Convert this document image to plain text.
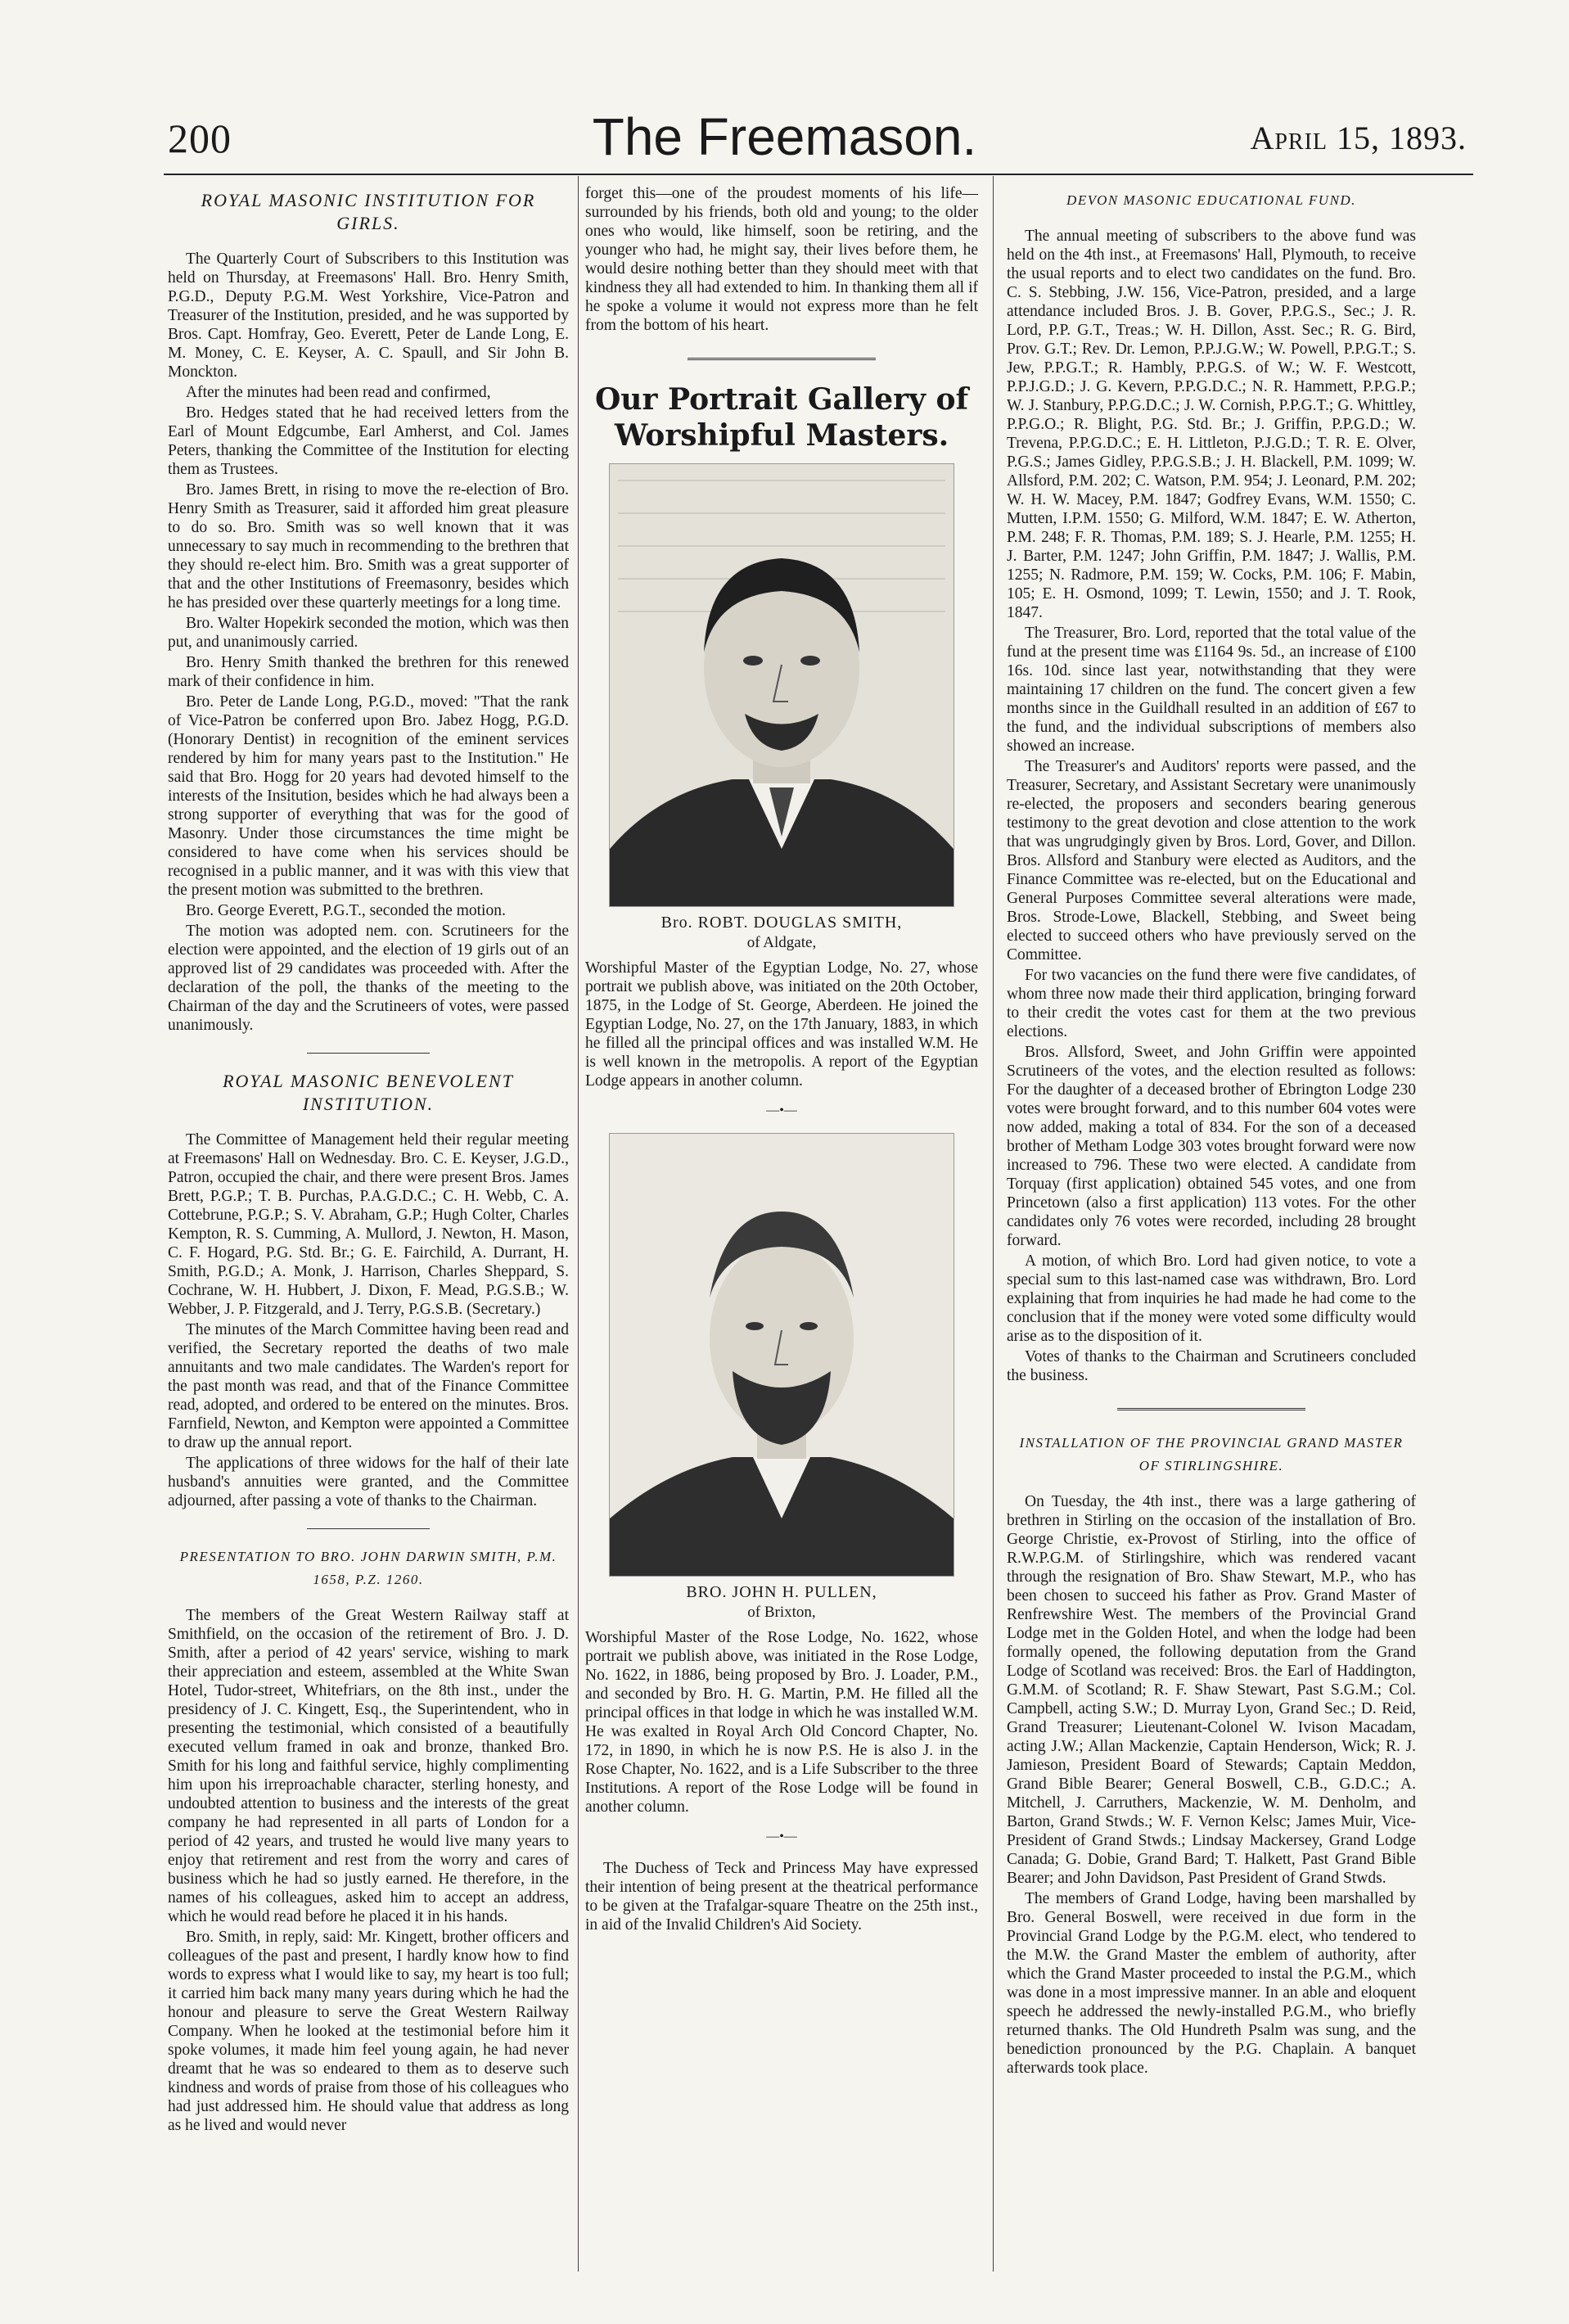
200	The Freemason.	April 15, 1893.
ROYAL MASONIC INSTITUTION FOR GIRLS.

The Quarterly Court of Subscribers to this Institution was held on Thursday, at Freemasons' Hall. Bro. Henry Smith, P.G.D., Deputy P.G.M. West Yorkshire, Vice-Patron and Treasurer of the Institution, presided, and he was supported by Bros. Capt. Homfray, Geo. Everett, Peter de Lande Long, E. M. Money, C. E. Keyser, A. C. Spaull, and Sir John B. Monckton.

After the minutes had been read and confirmed,

Bro. Hedges stated that he had received letters from the Earl of Mount Edgcumbe, Earl Amherst, and Col. James Peters, thanking the Committee of the Institution for electing them as Trustees.

Bro. James Brett, in rising to move the re-election of Bro. Henry Smith as Treasurer, said it afforded him great pleasure to do so. Bro. Smith was so well known that it was unnecessary to say much in recommending to the brethren that they should re-elect him. Bro. Smith was a great supporter of that and the other Institutions of Freemasonry, besides which he has presided over these quarterly meetings for a long time.

Bro. Walter Hopekirk seconded the motion, which was then put, and unanimously carried.

Bro. Henry Smith thanked the brethren for this renewed mark of their confidence in him.

Bro. Peter de Lande Long, P.G.D., moved: "That the rank of Vice-Patron be conferred upon Bro. Jabez Hogg, P.G.D. (Honorary Dentist) in recognition of the eminent services rendered by him for many years past to the Institution." He said that Bro. Hogg for 20 years had devoted himself to the interests of the Insitution, besides which he had always been a strong supporter of everything that was for the good of Masonry. Under those circumstances the time might be considered to have come when his services should be recognised in a public manner, and it was with this view that the present motion was submitted to the brethren.

Bro. George Everett, P.G.T., seconded the motion.

The motion was adopted nem. con. Scrutineers for the election were appointed, and the election of 19 girls out of an approved list of 29 candidates was proceeded with. After the declaration of the poll, the thanks of the meeting to the Chairman of the day and the Scrutineers of votes, were passed unanimously.

ROYAL MASONIC BENEVOLENT INSTITUTION.

The Committee of Management held their regular meeting at Freemasons' Hall on Wednesday. Bro. C. E. Keyser, J.G.D., Patron, occupied the chair, and there were present Bros. James Brett, P.G.P.; T. B. Purchas, P.A.G.D.C.; C. H. Webb, C. A. Cottebrune, P.G.P.; S. V. Abraham, G.P.; Hugh Colter, Charles Kempton, R. S. Cumming, A. Mullord, J. Newton, H. Mason, C. F. Hogard, P.G. Std. Br.; G. E. Fairchild, A. Durrant, H. Smith, P.G.D.; A. Monk, J. Harrison, Charles Sheppard, S. Cochrane, W. H. Hubbert, J. Dixon, F. Mead, P.G.S.B.; W. Webber, J. P. Fitzgerald, and J. Terry, P.G.S.B. (Secretary.)

The minutes of the March Committee having been read and verified, the Secretary reported the deaths of two male annuitants and two male candidates. The Warden's report for the past month was read, and that of the Finance Committee read, adopted, and ordered to be entered on the minutes. Bros. Farnfield, Newton, and Kempton were appointed a Committee to draw up the annual report.

The applications of three widows for the half of their late husband's annuities were granted, and the Committee adjourned, after passing a vote of thanks to the Chairman.

PRESENTATION TO BRO. JOHN DARWIN SMITH, P.M. 1658, P.Z. 1260.

The members of the Great Western Railway staff at Smithfield, on the occasion of the retirement of Bro. J. D. Smith, after a period of 42 years' service, wishing to mark their appreciation and esteem, assembled at the White Swan Hotel, Tudor-street, Whitefriars, on the 8th inst., under the presidency of J. C. Kingett, Esq., the Superintendent, who in presenting the testimonial, which consisted of a beautifully executed vellum framed in oak and bronze, thanked Bro. Smith for his long and faithful service, highly complimenting him upon his irreproachable character, sterling honesty, and undoubted attention to business and the interests of the great company he had represented in all parts of London for a period of 42 years, and trusted he would live many years to enjoy that retirement and rest from the worry and cares of business which he had so justly earned. He therefore, in the names of his colleagues, asked him to accept an address, which he would read before he placed it in his hands.

Bro. Smith, in reply, said: Mr. Kingett, brother officers and colleagues of the past and present, I hardly know how to find words to express what I would like to say, my heart is too full; it carried him back many many years during which he had the honour and pleasure to serve the Great Western Railway Company. When he looked at the testimonial before him it spoke volumes, it made him feel young again, he had never dreamt that he was so endeared to them as to deserve such kindness and words of praise from those of his colleagues who had just addressed him. He should value that address as long as he lived and would never

forget this—one of the proudest moments of his life—surrounded by his friends, both old and young; to the older ones who would, like himself, soon be retiring, and the younger who had, he might say, their lives before them, he would desire nothing better than they should meet with that kindness they all had extended to him. In thanking them all if he spoke a volume it would not express more than he felt from the bottom of his heart.

Our Portrait Gallery of Worshipful Masters.
Bro. ROBT. DOUGLAS SMITH,
of Aldgate,

Worshipful Master of the Egyptian Lodge, No. 27, whose portrait we publish above, was initiated on the 20th October, 1875, in the Lodge of St. George, Aberdeen. He joined the Egyptian Lodge, No. 27, on the 17th January, 1883, in which he filled all the principal offices and was installed W.M. He is well known in the metropolis. A report of the Egyptian Lodge appears in another column.

—•—
BRO. JOHN H. PULLEN,
of Brixton,

Worshipful Master of the Rose Lodge, No. 1622, whose portrait we publish above, was initiated in the Rose Lodge, No. 1622, in 1886, being proposed by Bro. J. Loader, P.M., and seconded by Bro. H. G. Martin, P.M. He filled all the principal offices in that lodge in which he was installed W.M. He was exalted in Royal Arch Old Concord Chapter, No. 172, in 1890, in which he is now P.S. He is also J. in the Rose Chapter, No. 1622, and is a Life Subscriber to the three Institutions. A report of the Rose Lodge will be found in another column.

—•—

The Duchess of Teck and Princess May have expressed their intention of being present at the theatrical performance to be given at the Trafalgar-square Theatre on the 25th inst., in aid of the Invalid Children's Aid Society.

DEVON MASONIC EDUCATIONAL FUND.

The annual meeting of subscribers to the above fund was held on the 4th inst., at Freemasons' Hall, Plymouth, to receive the usual reports and to elect two candidates on the fund. Bro. C. S. Stebbing, J.W. 156, Vice-Patron, presided, and a large attendance included Bros. J. B. Gover, P.P.G.S., Sec.; J. R. Lord, P.P. G.T., Treas.; W. H. Dillon, Asst. Sec.; R. G. Bird, Prov. G.T.; Rev. Dr. Lemon, P.P.J.G.W.; W. Powell, P.P.G.T.; S. Jew, P.P.G.T.; R. Hambly, P.P.G.S. of W.; W. F. Westcott, P.P.J.G.D.; J. G. Kevern, P.P.G.D.C.; N. R. Hammett, P.P.G.P.; W. J. Stanbury, P.P.G.D.C.; J. W. Cornish, P.P.G.T.; G. Whittley, P.P.G.O.; R. Blight, P.G. Std. Br.; J. Griffin, P.P.G.D.; W. Trevena, P.P.G.D.C.; E. H. Littleton, P.J.G.D.; T. R. E. Olver, P.G.S.; James Gidley, P.P.G.S.B.; J. H. Blackell, P.M. 1099; W. Allsford, P.M. 202; C. Watson, P.M. 954; J. Leonard, P.M. 202; W. H. W. Macey, P.M. 1847; Godfrey Evans, W.M. 1550; C. Mutten, I.P.M. 1550; G. Milford, W.M. 1847; E. W. Atherton, P.M. 248; F. R. Thomas, P.M. 189; S. J. Hearle, P.M. 1255; H. J. Barter, P.M. 1247; John Griffin, P.M. 1847; J. Wallis, P.M. 1255; N. Radmore, P.M. 159; W. Cocks, P.M. 106; F. Mabin, 105; E. H. Osmond, 1099; T. Lewin, 1550; and J. T. Rook, 1847.

The Treasurer, Bro. Lord, reported that the total value of the fund at the present time was £1164 9s. 5d., an increase of £100 16s. 10d. since last year, notwithstanding that they were maintaining 17 children on the fund. The concert given a few months since in the Guildhall resulted in an addition of £67 to the fund, and the individual subscriptions of members also showed an increase.

The Treasurer's and Auditors' reports were passed, and the Treasurer, Secretary, and Assistant Secretary were unanimously re-elected, the proposers and seconders bearing generous testimony to the great devotion and close attention to the work that was ungrudgingly given by Bros. Lord, Gover, and Dillon. Bros. Allsford and Stanbury were elected as Auditors, and the Finance Committee was re-elected, but on the Educational and General Purposes Committee several alterations were made, Bros. Strode-Lowe, Blackell, Stebbing, and Sweet being elected to succeed others who have previously served on the Committee.

For two vacancies on the fund there were five candidates, of whom three now made their third application, bringing forward to their credit the votes cast for them at the two previous elections.

Bros. Allsford, Sweet, and John Griffin were appointed Scrutineers of the votes, and the election resulted as follows: For the daughter of a deceased brother of Ebrington Lodge 230 votes were brought forward, and to this number 604 votes were now added, making a total of 834. For the son of a deceased brother of Metham Lodge 303 votes brought forward were now increased to 796. These two were elected. A candidate from Torquay (first application) obtained 545 votes, and one from Princetown (also a first application) 113 votes. For the other candidates only 76 votes were recorded, including 28 brought forward.

A motion, of which Bro. Lord had given notice, to vote a special sum to this last-named case was withdrawn, Bro. Lord explaining that from inquiries he had made he had come to the conclusion that if the money were voted some difficulty would arise as to the disposition of it.

Votes of thanks to the Chairman and Scrutineers concluded the business.

INSTALLATION OF THE PROVINCIAL GRAND MASTER OF STIRLINGSHIRE.

On Tuesday, the 4th inst., there was a large gathering of brethren in Stirling on the occasion of the installation of Bro. George Christie, ex-Provost of Stirling, into the office of R.W.P.G.M. of Stirlingshire, which was rendered vacant through the resignation of Bro. Shaw Stewart, M.P., who has been chosen to succeed his father as Prov. Grand Master of Renfrewshire West. The members of the Provincial Grand Lodge met in the Golden Hotel, and when the lodge had been formally opened, the following deputation from the Grand Lodge of Scotland was received: Bros. the Earl of Haddington, G.M.M. of Scotland; R. F. Shaw Stewart, Past S.G.M.; Col. Campbell, acting S.W.; D. Murray Lyon, Grand Sec.; D. Reid, Grand Treasurer; Lieutenant-Colonel W. Ivison Macadam, acting J.W.; Allan Mackenzie, Captain Henderson, Wick; R. J. Jamieson, President Board of Stewards; Captain Meddon, Grand Bible Bearer; General Boswell, C.B., G.D.C.; A. Mitchell, J. Carruthers, Mackenzie, W. M. Denholm, and Barton, Grand Stwds.; W. F. Vernon Kelsc; James Muir, Vice-President of Grand Stwds.; Lindsay Mackersey, Grand Lodge Canada; G. Dobie, Grand Bard; T. Halkett, Past Grand Bible Bearer; and John Davidson, Past President of Grand Stwds.

The members of Grand Lodge, having been marshalled by Bro. General Boswell, were received in due form in the Provincial Grand Lodge by the P.G.M. elect, who tendered to the M.W. the Grand Master the emblem of authority, after which the Grand Master proceeded to instal the P.G.M., which was done in a most impressive manner. In an able and eloquent speech he addressed the newly-installed P.G.M., who briefly returned thanks. The Old Hundreth Psalm was sung, and the benediction pronounced by the P.G. Chaplain. A banquet afterwards took place.
